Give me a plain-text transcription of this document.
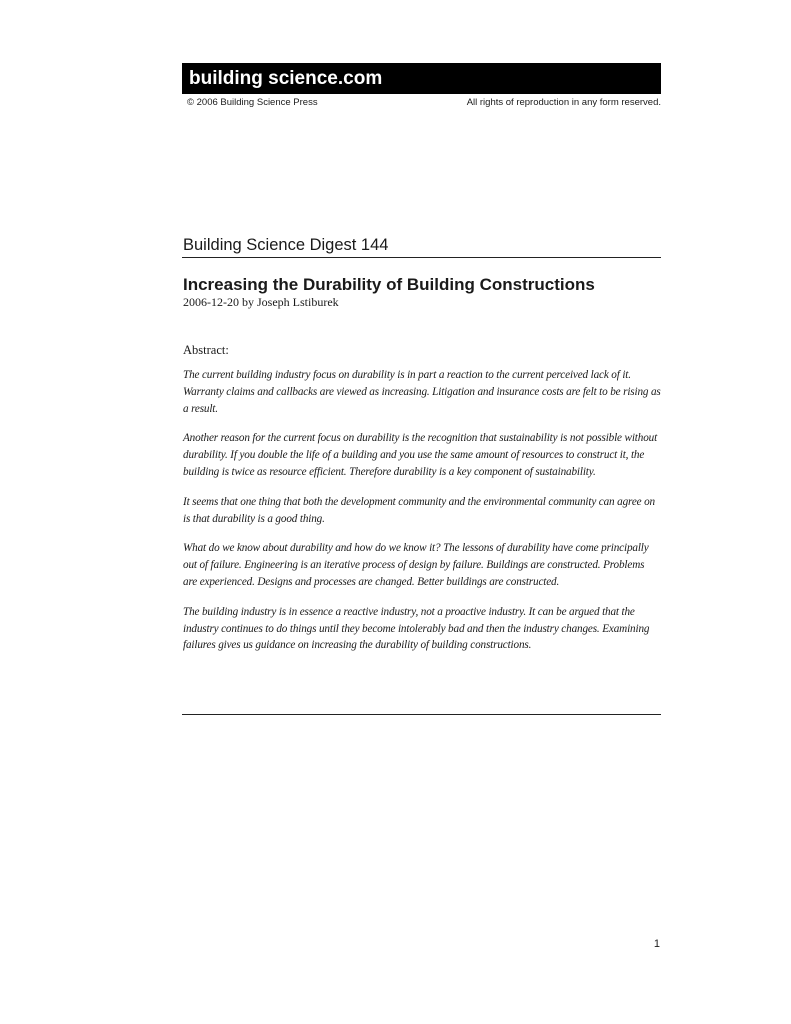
building science.com
© 2006 Building Science Press	All rights of reproduction in any form reserved.
Building Science Digest 144
Increasing the Durability of Building Constructions
2006-12-20 by Joseph Lstiburek
Abstract:

The current building industry focus on durability is in part a reaction to the current perceived lack of it. Warranty claims and callbacks are viewed as increasing. Litigation and insurance costs are felt to be rising as a result.

Another reason for the current focus on durability is the recognition that sustainability is not possible without durability. If you double the life of a building and you use the same amount of resources to construct it, the building is twice as resource efficient. Therefore durability is a key component of sustainability.

It seems that one thing that both the development community and the environmental community can agree on is that durability is a good thing.

What do we know about durability and how do we know it? The lessons of durability have come principally out of failure. Engineering is an iterative process of design by failure. Buildings are constructed. Problems are experienced. Designs and processes are changed. Better buildings are constructed.

The building industry is in essence a reactive industry, not a proactive industry. It can be argued that the industry continues to do things until they become intolerably bad and then the industry changes. Examining failures gives us guidance on increasing the durability of building constructions.

1
